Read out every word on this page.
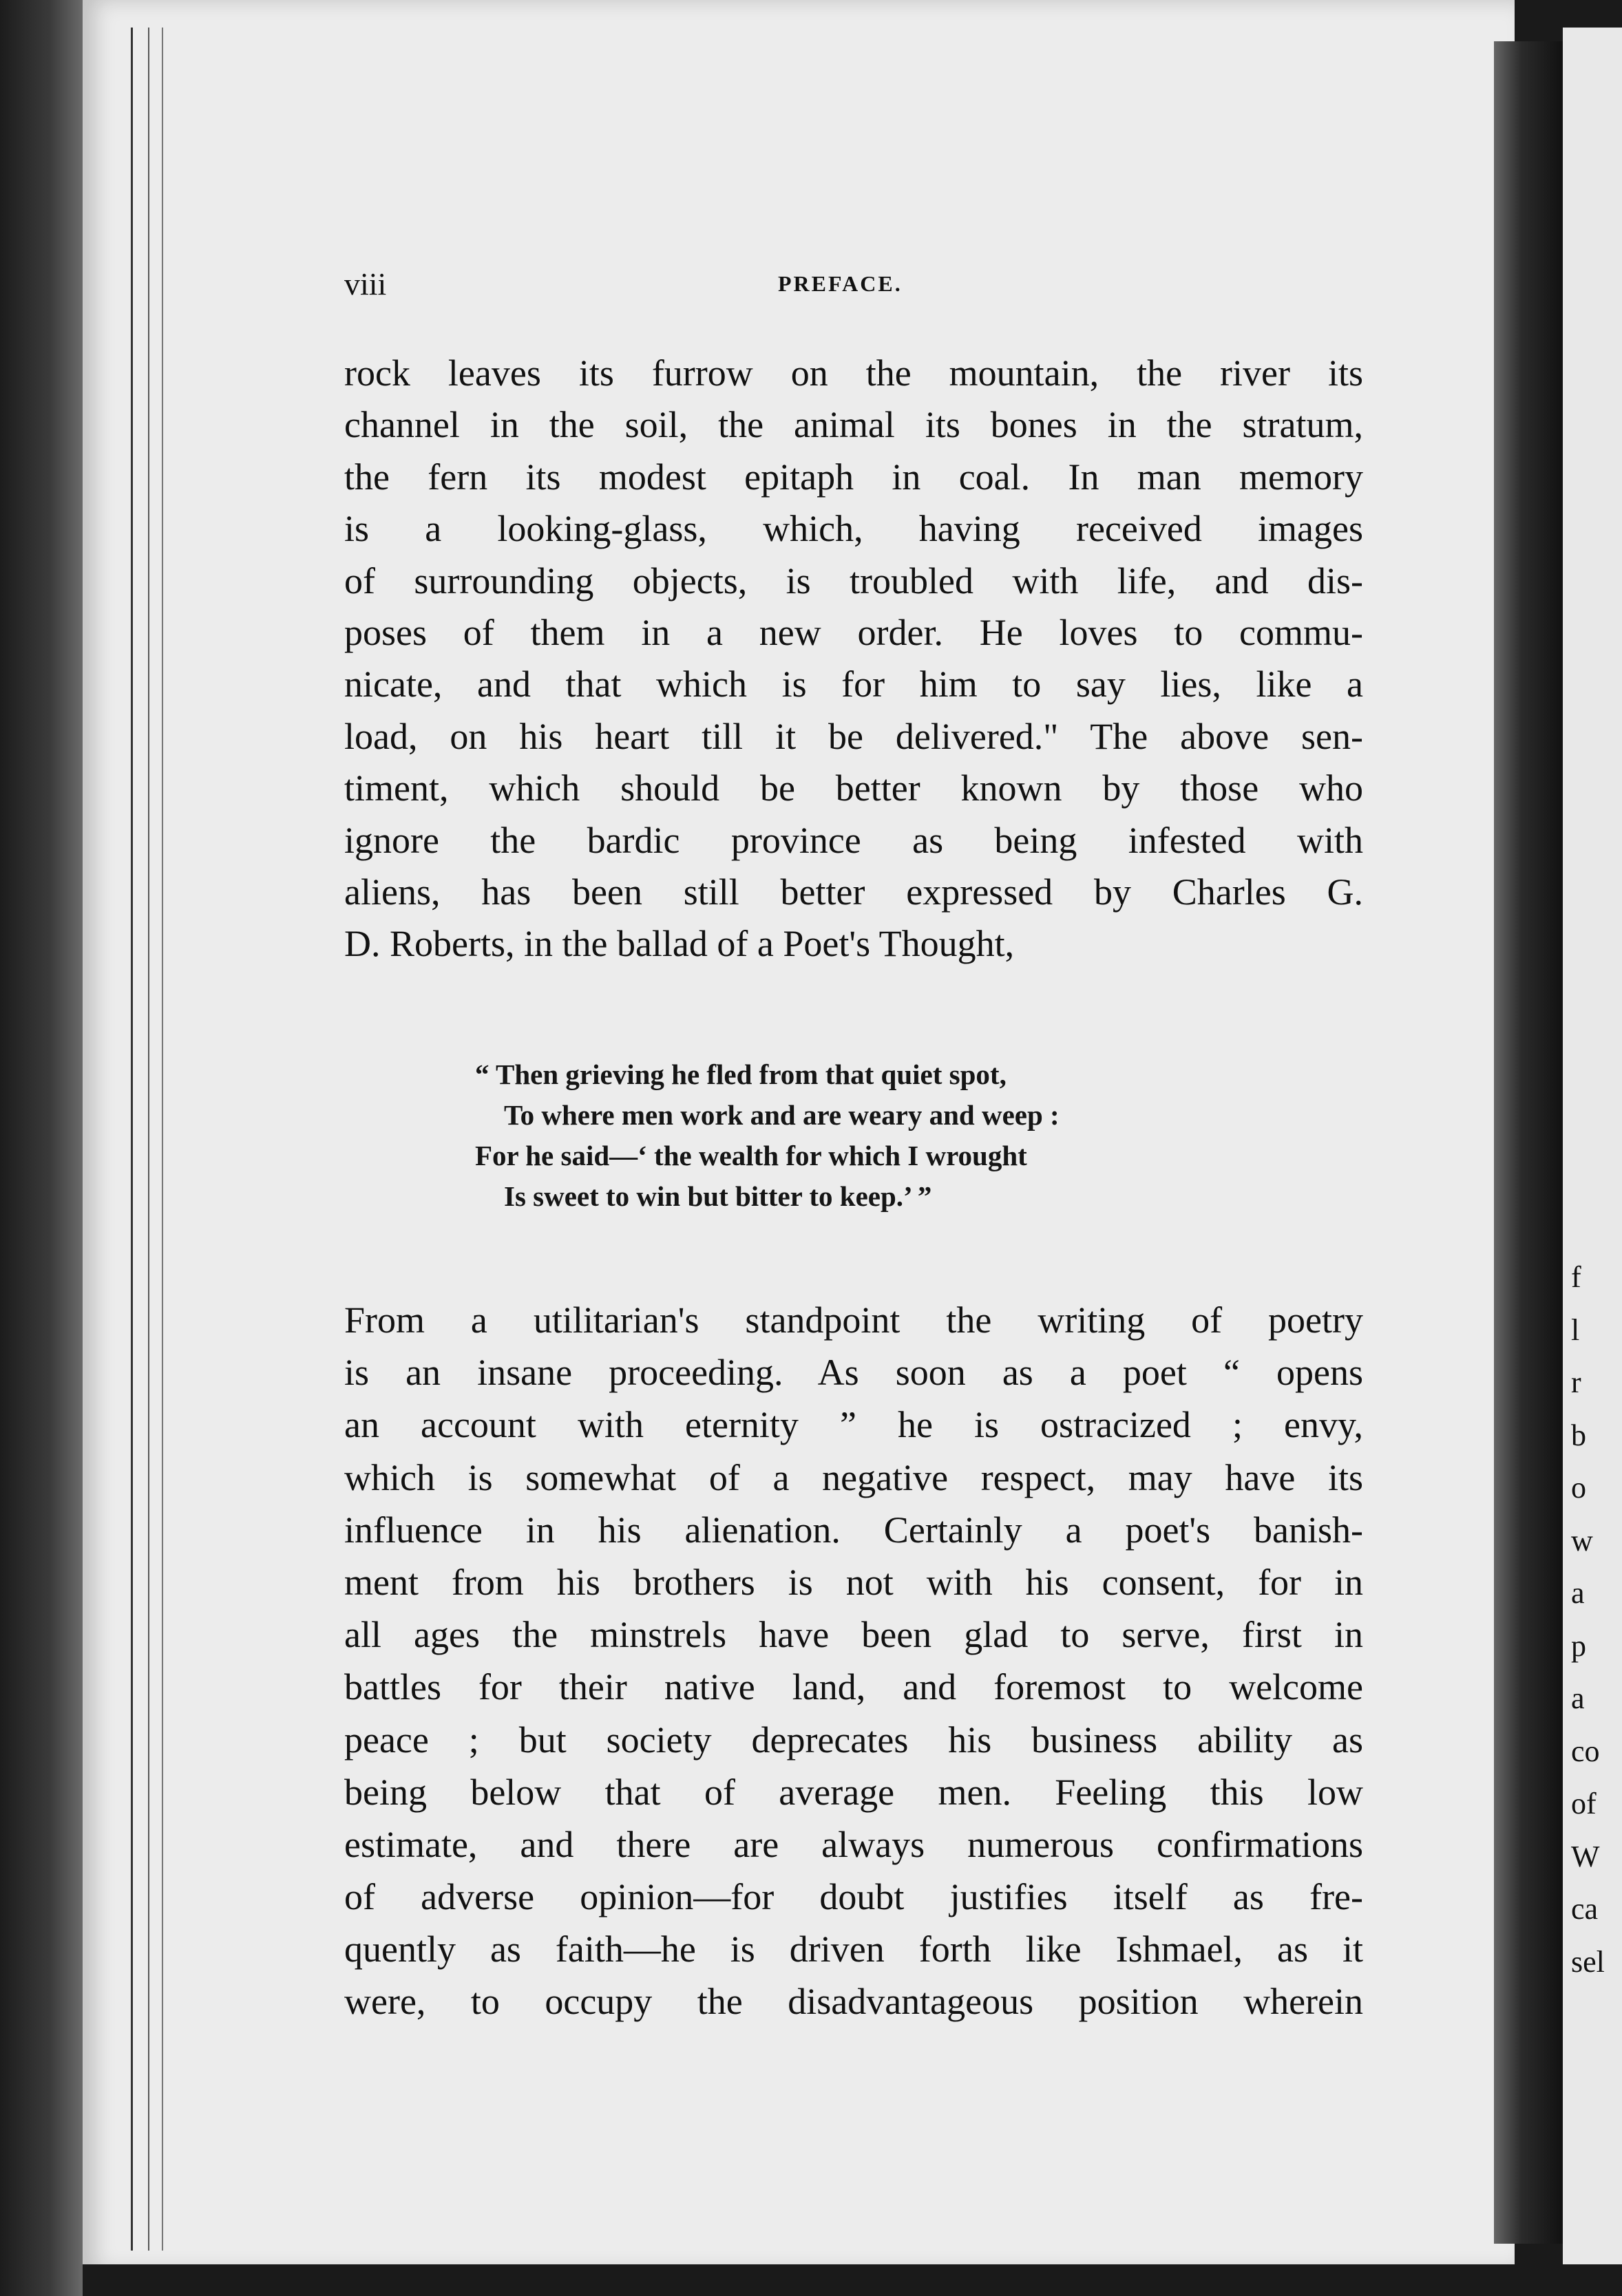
f
l
r
b
o
w
a
p
a
co
of
W
ca
sel
viii	PREFACE.
rock leaves its furrow on the mountain, the river its
channel in the soil, the animal its bones in the stratum,
the fern its modest epitaph in coal. In man memory
is a looking-glass, which, having received images
of surrounding objects, is troubled with life, and dis-
poses of them in a new order. He loves to commu-
nicate, and that which is for him to say lies, like a
load, on his heart till it be delivered." The above sen-
timent, which should be better known by those who
ignore the bardic province as being infested with
aliens, has been still better expressed by Charles G.
D. Roberts, in the ballad of a Poet's Thought,
“ Then grieving he fled from that quiet spot,
To where men work and are weary and weep :
For he said—‘ the wealth for which I wrought
Is sweet to win but bitter to keep.’ ”
From a utilitarian's standpoint the writing of poetry
is an insane proceeding. As soon as a poet “ opens
an account with eternity ” he is ostracized ; envy,
which is somewhat of a negative respect, may have its
influence in his alienation. Certainly a poet's banish-
ment from his brothers is not with his consent, for in
all ages the minstrels have been glad to serve, first in
battles for their native land, and foremost to welcome
peace ; but society deprecates his business ability as
being below that of average men. Feeling this low
estimate, and there are always numerous confirmations
of adverse opinion—for doubt justifies itself as fre-
quently as faith—he is driven forth like Ishmael, as it
were, to occupy the disadvantageous position wherein
